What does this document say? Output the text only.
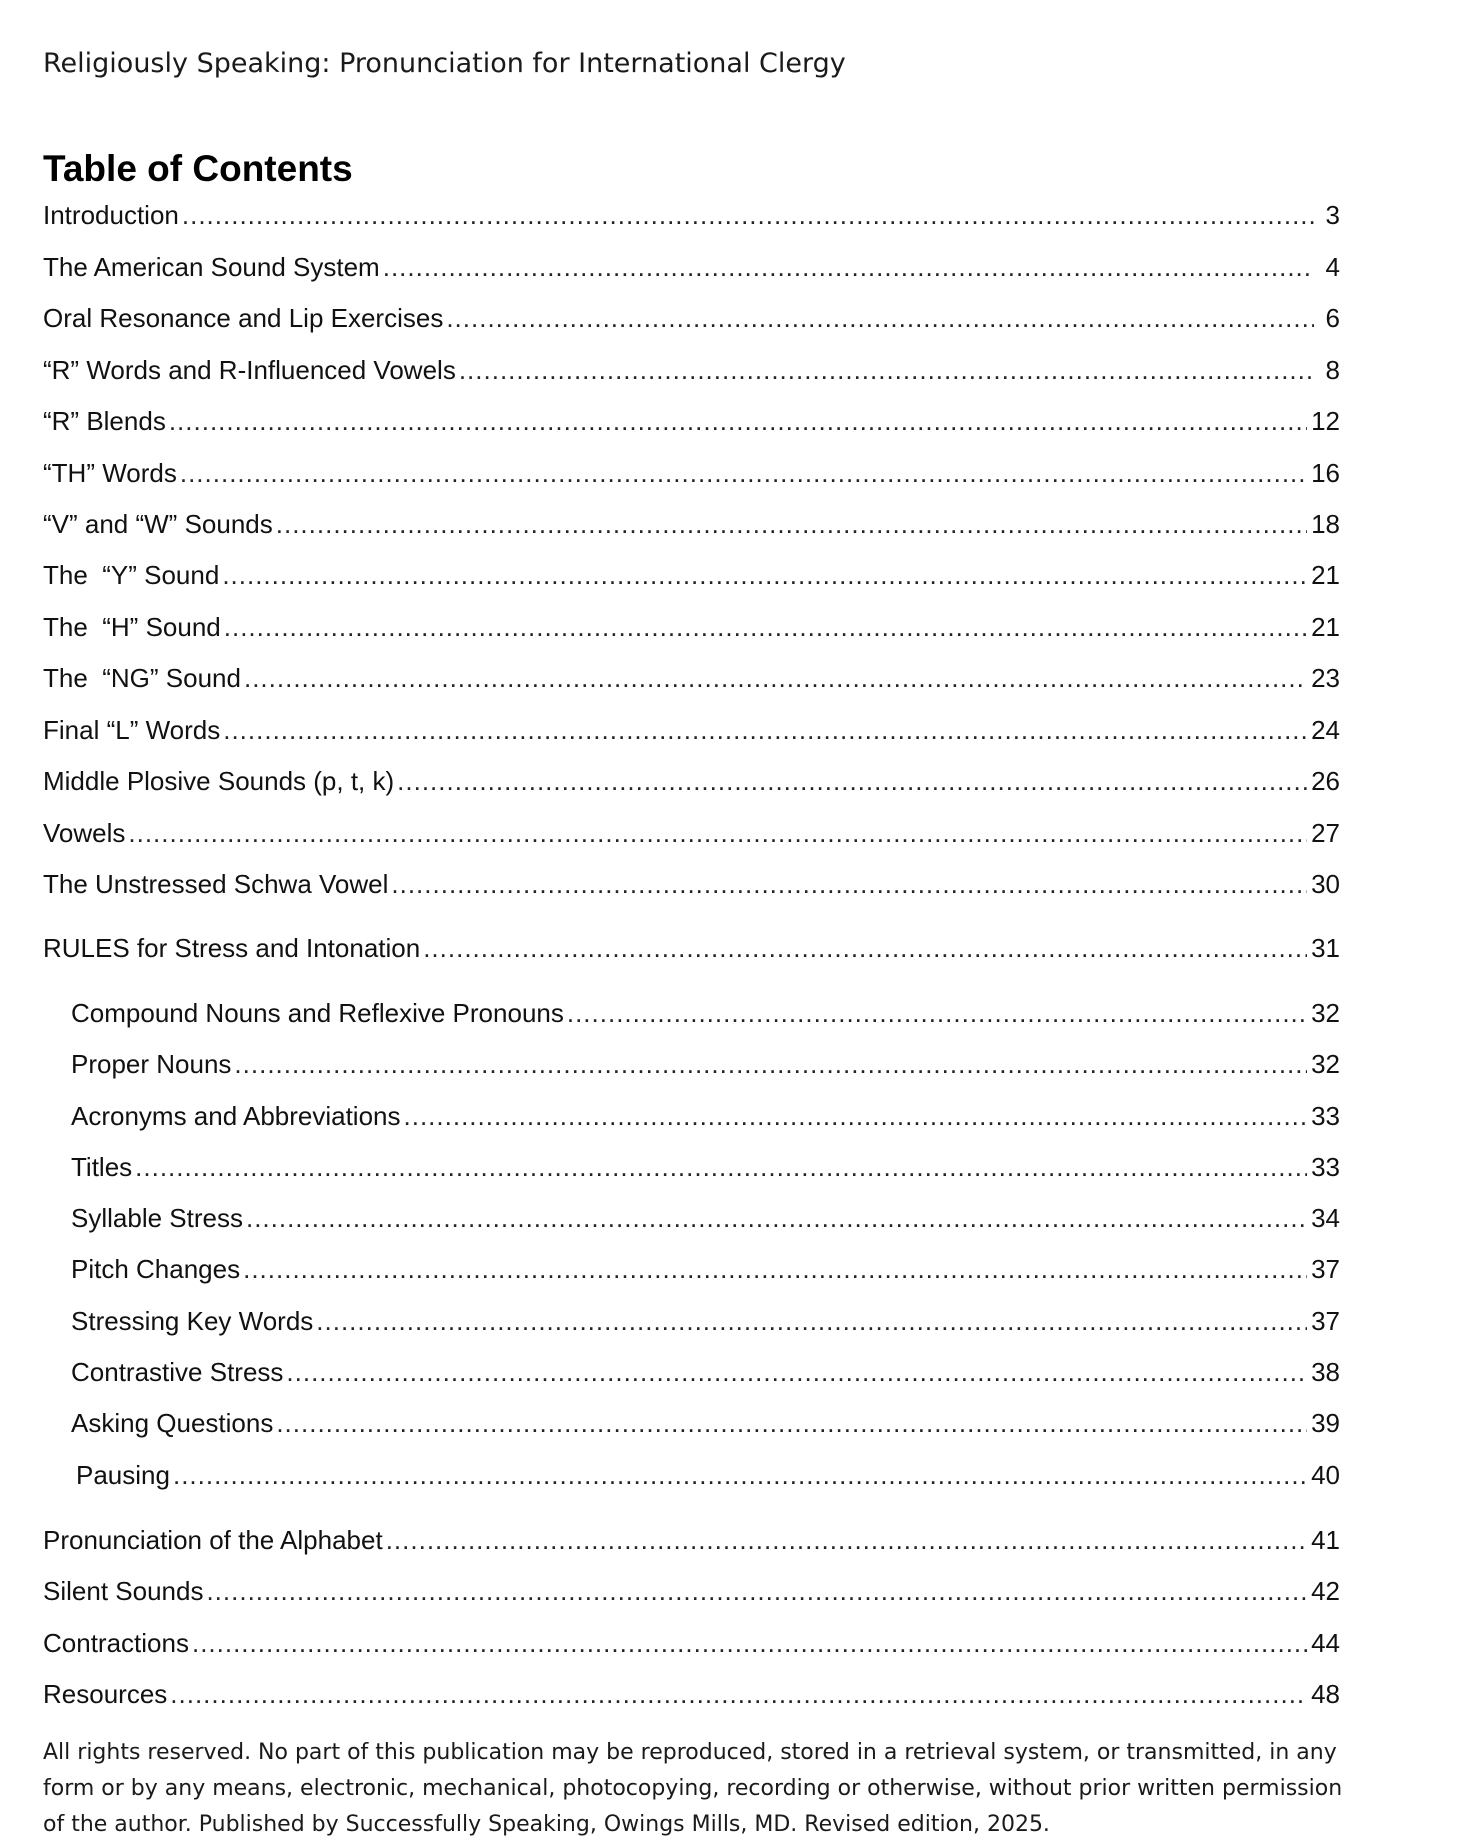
Religiously Speaking: Pronunciation for International Clergy
Table of Contents
Introduction .....	3
The American Sound System .....	4
Oral Resonance and Lip Exercises .....	6
“R” Words and R-Influenced Vowels .....	8
“R” Blends .....	12
“TH” Words .....	16
“V” and “W” Sounds .....	18
The  “Y” Sound .....	21
The  “H” Sound .....	21
The  “NG” Sound .....	23
Final “L” Words .....	24
Middle Plosive Sounds (p, t, k) .....	26
Vowels .....	27
The Unstressed Schwa Vowel .....	30
RULES for Stress and Intonation .....	31
Compound Nouns and Reflexive Pronouns .....	32
Proper Nouns .....	32
Acronyms and Abbreviations .....	33
Titles .....	33
Syllable Stress .....	34
Pitch Changes .....	37
Stressing Key Words .....	37
Contrastive Stress .....	38
Asking Questions .....	39
Pausing .....	40
Pronunciation of the Alphabet .....	41
Silent Sounds .....	42
Contractions .....	44
Resources .....	48
All rights reserved. No part of this publication may be reproduced, stored in a retrieval system, or transmitted, in any form or by any means, electronic, mechanical, photocopying, recording or otherwise, without prior written permission of the author. Published by Successfully Speaking, Owings Mills, MD. Revised edition, 2025.
